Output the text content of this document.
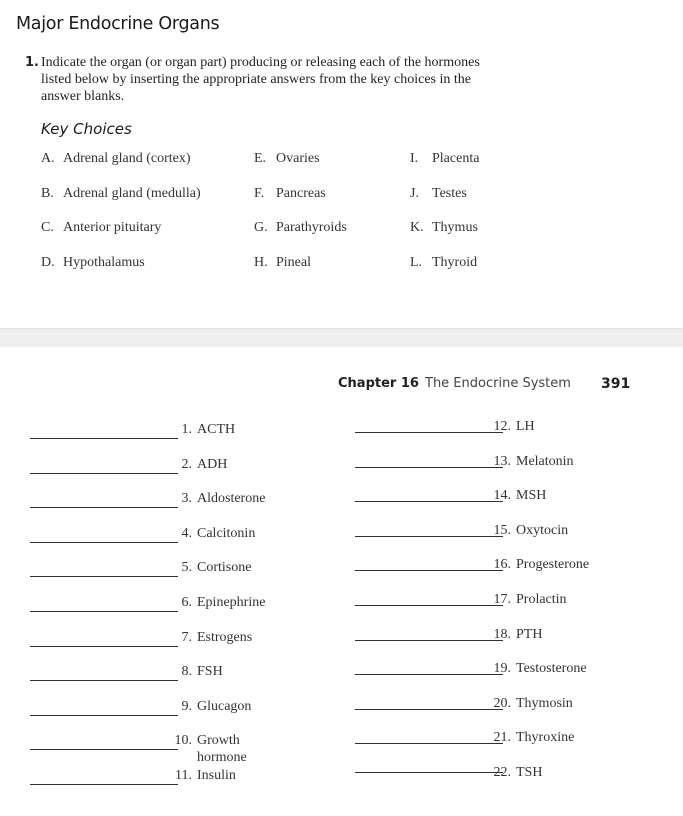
Major Endocrine Organs
1. Indicate the organ (or organ part) producing or releasing each of the hormones
listed below by inserting the appropriate answers from the key choices in the
answer blanks.
Key Choices
A. Adrenal gland (cortex)
B. Adrenal gland (medulla)
C. Anterior pituitary
D. Hypothalamus
E. Ovaries
F. Pancreas
G. Parathyroids
H. Pineal
I. Placenta
J. Testes
K. Thymus
L. Thyroid
Chapter 16 The Endocrine System 391
1. ACTH
2. ADH
3. Aldosterone
4. Calcitonin
5. Cortisone
6. Epinephrine
7. Estrogens
8. FSH
9. Glucagon
10. Growth
hormone
11. Insulin
12. LH
13. Melatonin
14. MSH
15. Oxytocin
16. Progesterone
17. Prolactin
18. PTH
19. Testosterone
20. Thymosin
21. Thyroxine
22. TSH
